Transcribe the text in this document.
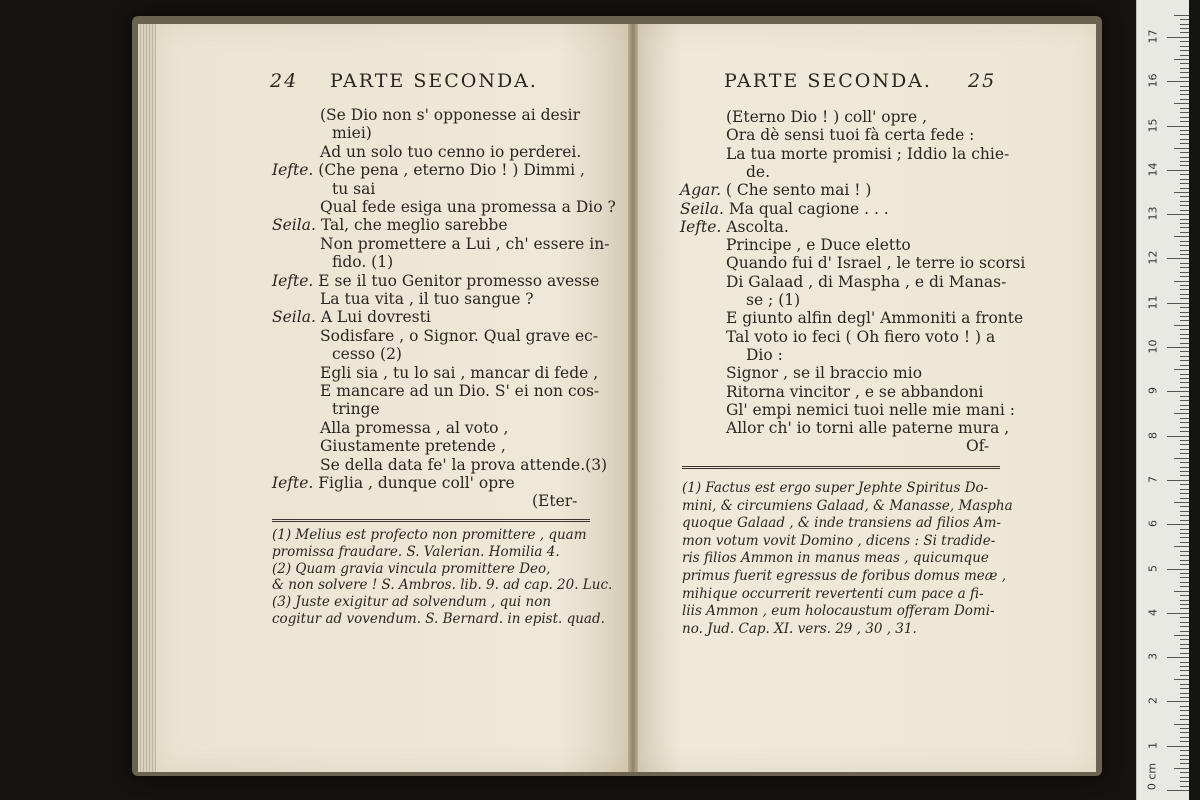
24 PARTE SECONDA.	PARTE SECONDA. 25
(Se Dio non s' opponesse ai desir
miei)
Ad un solo tuo cenno io perderei.
Iefte. (Che pena , eterno Dio ! ) Dimmi ,
tu sai
Qual fede esiga una promessa a Dio ?
Seila. Tal, che meglio sarebbe
Non promettere a Lui , ch' essere in-
fido. (1)
Iefte. E se il tuo Genitor promesso avesse
La tua vita , il tuo sangue ?
Seila. A Lui dovresti
Sodisfare , o Signor. Qual grave ec-
cesso (2)
Egli sia , tu lo sai , mancar di fede ,
E mancare ad un Dio. S' ei non cos-
tringe
Alla promessa , al voto ,
Giustamente pretende ,
Se della data fe' la prova attende.(3)
Iefte. Figlia , dunque coll' opre
(Eter-
(1) Melius est profecto non promittere , quam
promissa fraudare. S. Valerian. Homilia 4.
(2) Quam gravia vincula promittere Deo,
& non solvere ! S. Ambros. lib. 9. ad cap. 20. Luc.
(3) Juste exigitur ad solvendum , qui non
cogitur ad vovendum. S. Bernard. in epist. quad.
(Eterno Dio ! ) coll' opre ,
Ora dè sensi tuoi fà certa fede :
La tua morte promisi ; Iddio la chie-
de.
Agar. ( Che sento mai ! )
Seila. Ma qual cagione . . .
Iefte. Ascolta.
Principe , e Duce eletto
Quando fui d' Israel , le terre io scorsi
Di Galaad , di Maspha , e di Manas-
se ; (1)
E giunto alfin degl' Ammoniti a fronte
Tal voto io feci ( Oh fiero voto ! ) a
Dio :
Signor , se il braccio mio
Ritorna vincitor , e se abbandoni
Gl' empi nemici tuoi nelle mie mani :
Allor ch' io torni alle paterne mura ,
Of-
(1) Factus est ergo super Jephte Spiritus Do-
mini, & circumiens Galaad, & Manasse, Maspha
quoque Galaad , & inde transiens ad filios Am-
mon votum vovit Domino , dicens : Si tradide-
ris filios Ammon in manus meas , quicumque
primus fuerit egressus de foribus domus meæ ,
mihique occurrerit revertenti cum pace a fi-
liis Ammon , eum holocaustum offeram Domi-
no. Jud. Cap. XI. vers. 29 , 30 , 31.
0 cm
1
2
3
4
5
6
7
8
9
10
11
12
13
14
15
16
17
